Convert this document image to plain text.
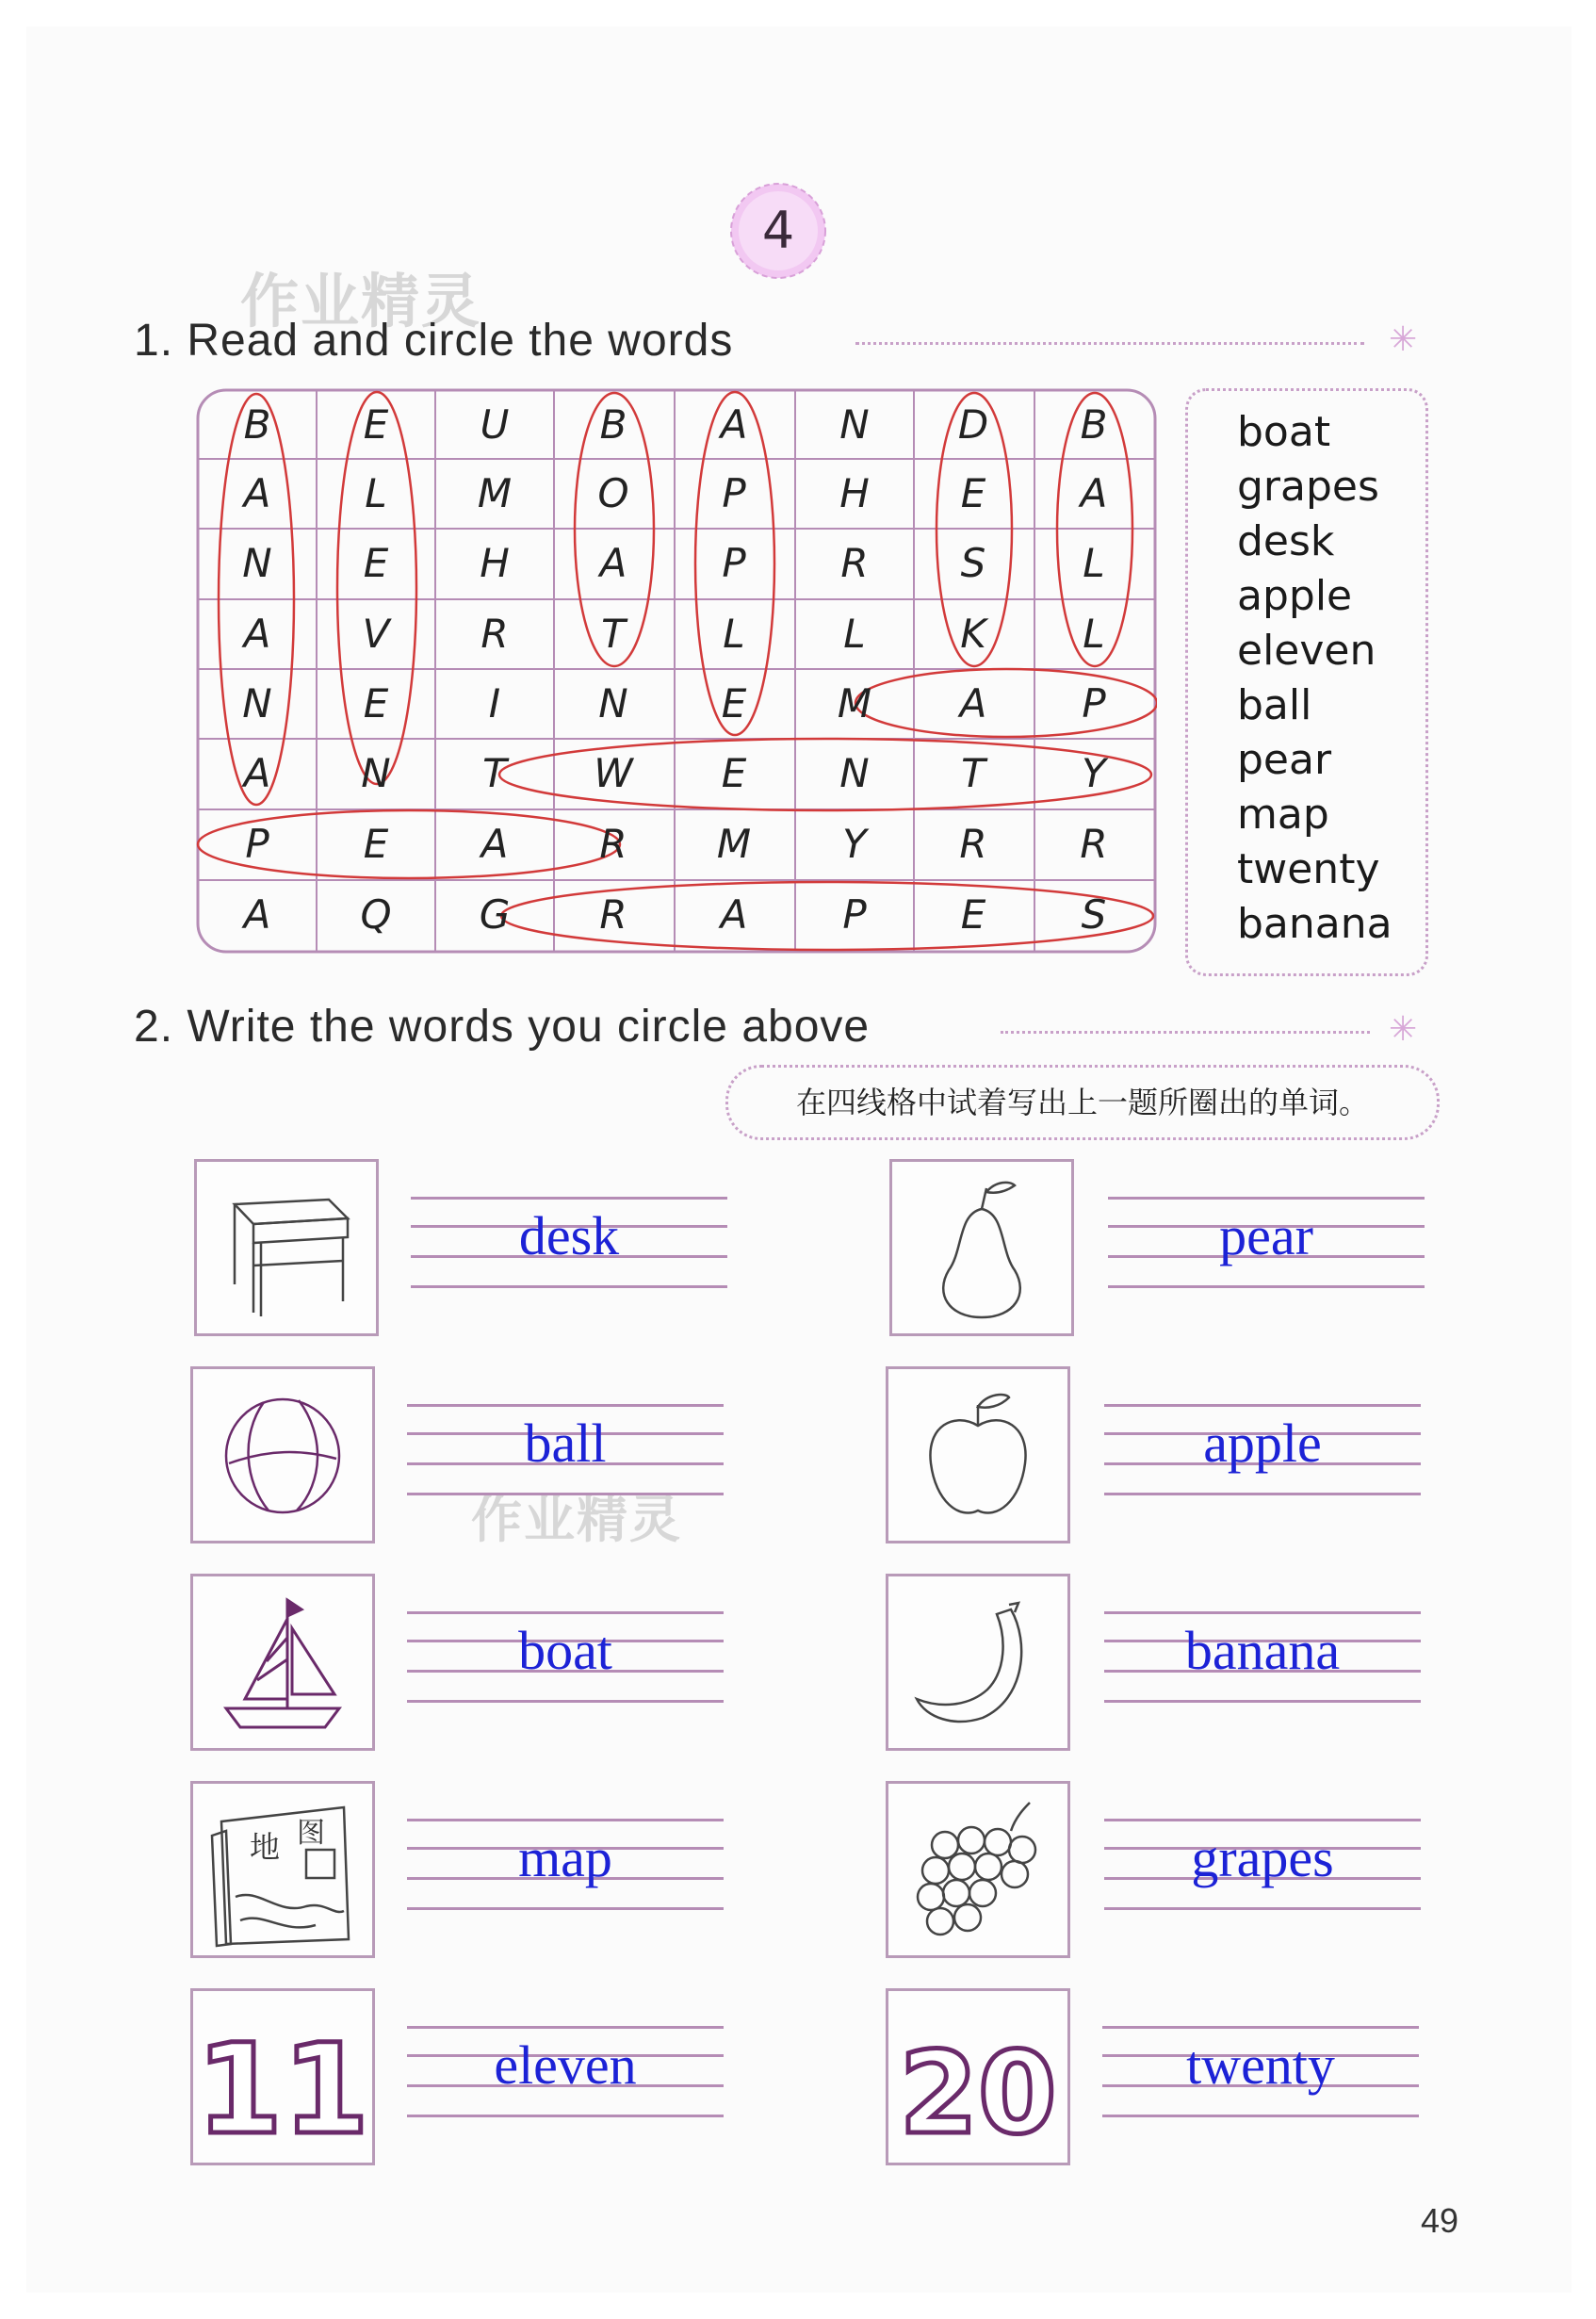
4
作业精灵
作业精灵
1. Read and circle the words	✳
B	E	U	B	A	N	D	B
A	L	M	O	P	H	E	A
N	E	H	A	P	R	S	L
A	V	R	T	L	L	K	L
N	E	I	N	E	M	A	P
A	N	T	W	E	N	T	Y
P	E	A	R	M	Y	R	R
A	Q	G	R	A	P	E	S
boat
grapes
desk
apple
eleven
ball
pear
map
twenty
banana
2. Write the words you circle above	✳
在四线格中试着写出上一题所圈出的单词。
地 图
11
desk
ball
boat
map
eleven	20
pear
apple
banana
grapes
twenty
49
